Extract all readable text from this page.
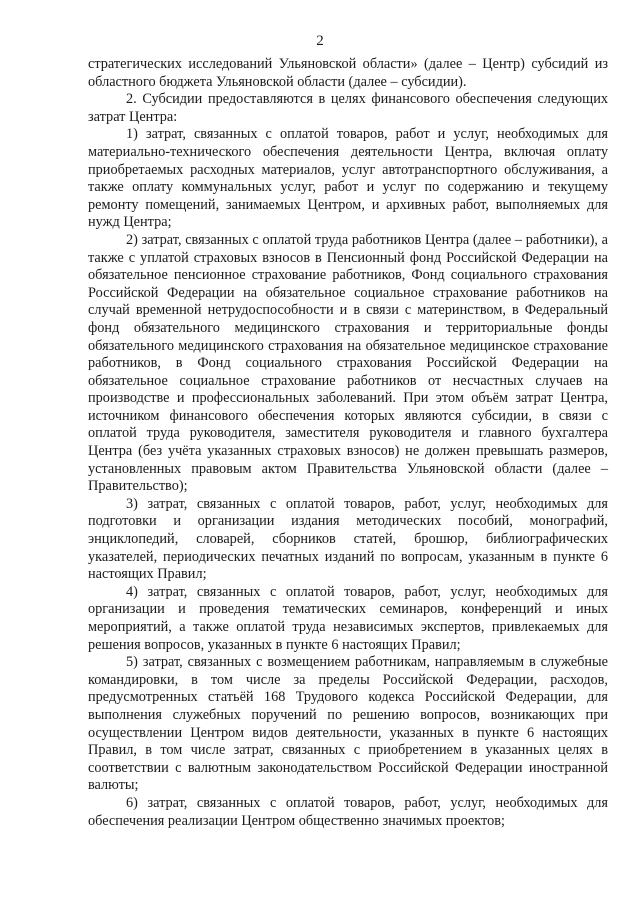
2

стратегических исследований Ульяновской области» (далее – Центр) субсидий из областного бюджета Ульяновской области (далее – субсидии).

2. Субсидии предоставляются в целях финансового обеспечения следующих затрат Центра:

1) затрат, связанных с оплатой товаров, работ и услуг, необходимых для материально-технического обеспечения деятельности Центра, включая оплату приобретаемых расходных материалов, услуг автотранспортного обслуживания, а также оплату коммунальных услуг, работ и услуг по содержанию и текущему ремонту помещений, занимаемых Центром, и архивных работ, выполняемых для нужд Центра;

2) затрат, связанных с оплатой труда работников Центра (далее – работники), а также с уплатой страховых взносов в Пенсионный фонд Российской Федерации на обязательное пенсионное страхование работников, Фонд социального страхования Российской Федерации на обязательное социальное страхование работников на случай временной нетрудоспособности и в связи с материнством, в Федеральный фонд обязательного медицинского страхования и территориальные фонды обязательного медицинского страхования на обязательное медицинское страхование работников, в Фонд социального страхования Российской Федерации на обязательное социальное страхование работников от несчастных случаев на производстве и профессиональных заболеваний. При этом объём затрат Центра, источником финансового обеспечения которых являются субсидии, в связи с оплатой труда руководителя, заместителя руководителя и главного бухгалтера Центра (без учёта указанных страховых взносов) не должен превышать размеров, установленных правовым актом Правительства Ульяновской области (далее – Правительство);

3) затрат, связанных с оплатой товаров, работ, услуг, необходимых для подготовки и организации издания методических пособий, монографий, энциклопедий, словарей, сборников статей, брошюр, библиографических указателей, периодических печатных изданий по вопросам, указанным в пункте 6 настоящих Правил;

4) затрат, связанных с оплатой товаров, работ, услуг, необходимых для организации и проведения тематических семинаров, конференций и иных мероприятий, а также оплатой труда независимых экспертов, привлекаемых для решения вопросов, указанных в пункте 6 настоящих Правил;

5) затрат, связанных с возмещением работникам, направляемым в служебные командировки, в том числе за пределы Российской Федерации, расходов, предусмотренных статьёй 168 Трудового кодекса Российской Федерации, для выполнения служебных поручений по решению вопросов, возникающих при осуществлении Центром видов деятельности, указанных в пункте 6 настоящих Правил, в том числе затрат, связанных с приобретением в указанных целях в соответствии с валютным законодательством Российской Федерации иностранной валюты;

6) затрат, связанных с оплатой товаров, работ, услуг, необходимых для обеспечения реализации Центром общественно значимых проектов;
